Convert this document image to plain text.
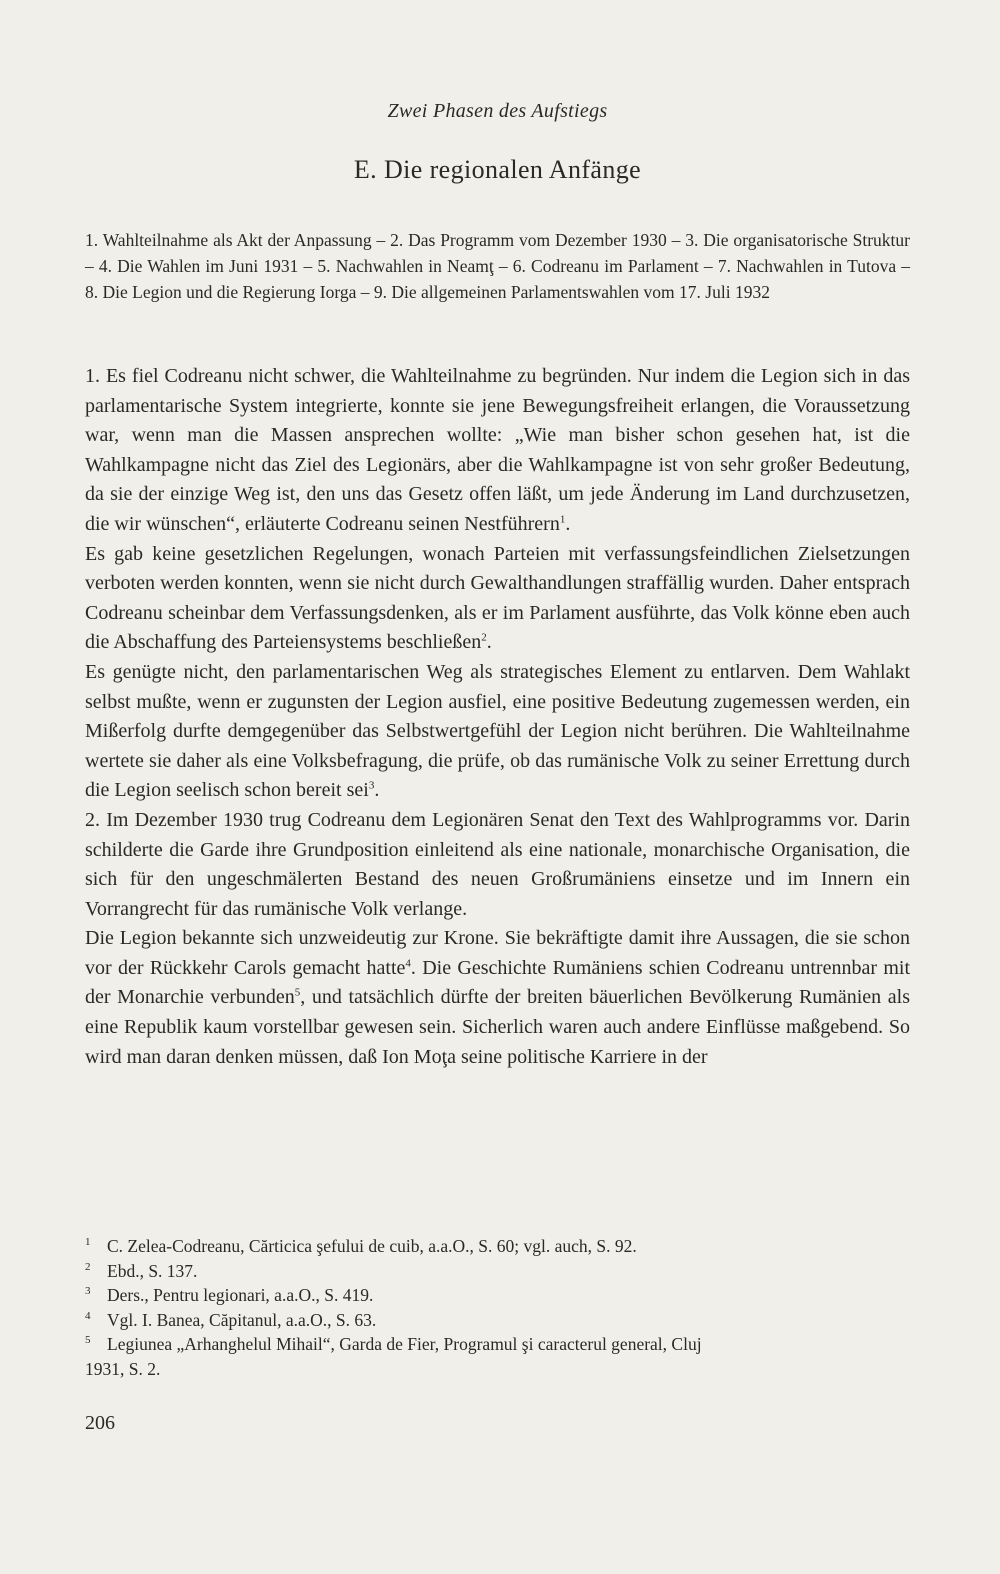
Zwei Phasen des Aufstiegs
E. Die regionalen Anfänge
1. Wahlteilnahme als Akt der Anpassung – 2. Das Programm vom Dezember 1930 – 3. Die organisatorische Struktur – 4. Die Wahlen im Juni 1931 – 5. Nachwahlen in Neamţ – 6. Codreanu im Parlament – 7. Nachwahlen in Tutova – 8. Die Legion und die Regierung Iorga – 9. Die allgemeinen Parlamentswahlen vom 17. Juli 1932

1. Es fiel Codreanu nicht schwer, die Wahlteilnahme zu begründen. Nur indem die Legion sich in das parlamentarische System integrierte, konnte sie jene Bewegungsfreiheit erlangen, die Voraussetzung war, wenn man die Massen ansprechen wollte: „Wie man bisher schon gesehen hat, ist die Wahlkampagne nicht das Ziel des Legionärs, aber die Wahlkampagne ist von sehr großer Bedeutung, da sie der einzige Weg ist, den uns das Gesetz offen läßt, um jede Änderung im Land durchzusetzen, die wir wünschen“, erläuterte Codreanu seinen Nestführern$^1$.

Es gab keine gesetzlichen Regelungen, wonach Parteien mit verfassungsfeindlichen Zielsetzungen verboten werden konnten, wenn sie nicht durch Gewalthandlungen straffällig wurden. Daher entsprach Codreanu scheinbar dem Verfassungsdenken, als er im Parlament ausführte, das Volk könne eben auch die Abschaffung des Parteiensystems beschließen$^2$.

Es genügte nicht, den parlamentarischen Weg als strategisches Element zu entlarven. Dem Wahlakt selbst mußte, wenn er zugunsten der Legion ausfiel, eine positive Bedeutung zugemessen werden, ein Mißerfolg durfte demgegenüber das Selbstwertgefühl der Legion nicht berühren. Die Wahlteilnahme wertete sie daher als eine Volksbefragung, die prüfe, ob das rumänische Volk zu seiner Errettung durch die Legion seelisch schon bereit sei$^3$.

2. Im Dezember 1930 trug Codreanu dem Legionären Senat den Text des Wahlprogramms vor. Darin schilderte die Garde ihre Grundposition einleitend als eine nationale, monarchische Organisation, die sich für den ungeschmälerten Bestand des neuen Großrumäniens einsetze und im Innern ein Vorrangrecht für das rumänische Volk verlange.

Die Legion bekannte sich unzweideutig zur Krone. Sie bekräftigte damit ihre Aussagen, die sie schon vor der Rückkehr Carols gemacht hatte$^4$. Die Geschichte Rumäniens schien Codreanu untrennbar mit der Monarchie verbunden$^5$, und tatsächlich dürfte der breiten bäuerlichen Bevölkerung Rumänien als eine Republik kaum vorstellbar gewesen sein. Sicherlich waren auch andere Einflüsse maßgebend. So wird man daran denken müssen, daß Ion Moţa seine politische Karriere in der

1 C. Zelea-Codreanu, Cărticica şefului de cuib, a.a.O., S. 60; vgl. auch, S. 92.
2 Ebd., S. 137.
3 Ders., Pentru legionari, a.a.O., S. 419.
4 Vgl. I. Banea, Căpitanul, a.a.O., S. 63.
5 Legiunea „Arhanghelul Mihail“, Garda de Fier, Programul şi caracterul general, Cluj
1931, S. 2.
206
